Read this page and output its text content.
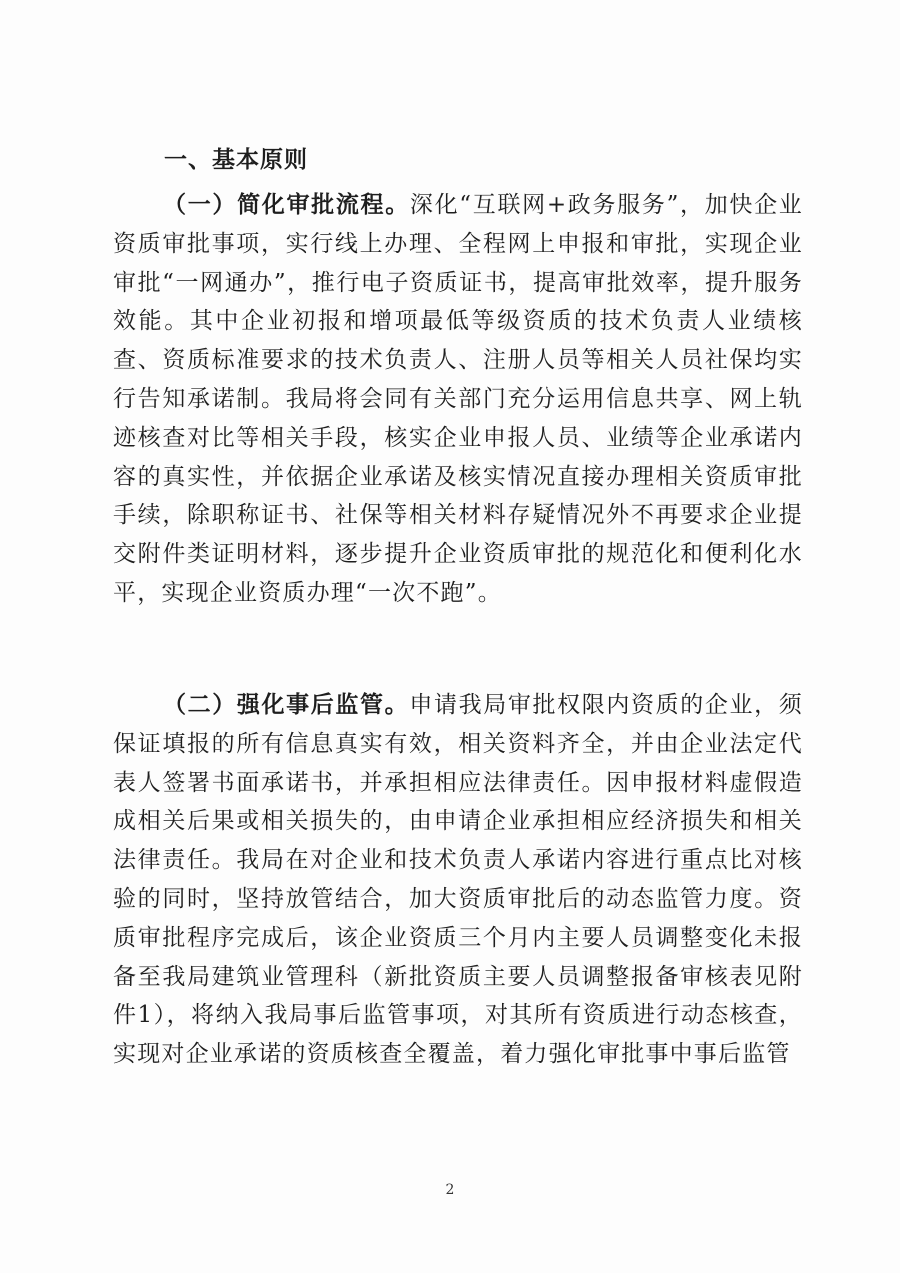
一、基本原则

（一）简化审批流程。深化“互联网+政务服务”，加快企业资质审批事项，实行线上办理、全程网上申报和审批，实现企业审批“一网通办”，推行电子资质证书，提高审批效率，提升服务效能。其中企业初报和增项最低等级资质的技术负责人业绩核查、资质标准要求的技术负责人、注册人员等相关人员社保均实行告知承诺制。我局将会同有关部门充分运用信息共享、网上轨迹核查对比等相关手段，核实企业申报人员、业绩等企业承诺内容的真实性，并依据企业承诺及核实情况直接办理相关资质审批手续，除职称证书、社保等相关材料存疑情况外不再要求企业提交附件类证明材料，逐步提升企业资质审批的规范化和便利化水平，实现企业资质办理“一次不跑”。

（二）强化事后监管。申请我局审批权限内资质的企业，须保证填报的所有信息真实有效，相关资料齐全，并由企业法定代表人签署书面承诺书，并承担相应法律责任。因申报材料虚假造成相关后果或相关损失的，由申请企业承担相应经济损失和相关法律责任。我局在对企业和技术负责人承诺内容进行重点比对核验的同时，坚持放管结合，加大资质审批后的动态监管力度。资质审批程序完成后，该企业资质三个月内主要人员调整变化未报备至我局建筑业管理科（新批资质主要人员调整报备审核表见附件1），将纳入我局事后监管事项，对其所有资质进行动态核查，实现对企业承诺的资质核查全覆盖，着力强化审批事中事后监管

2
